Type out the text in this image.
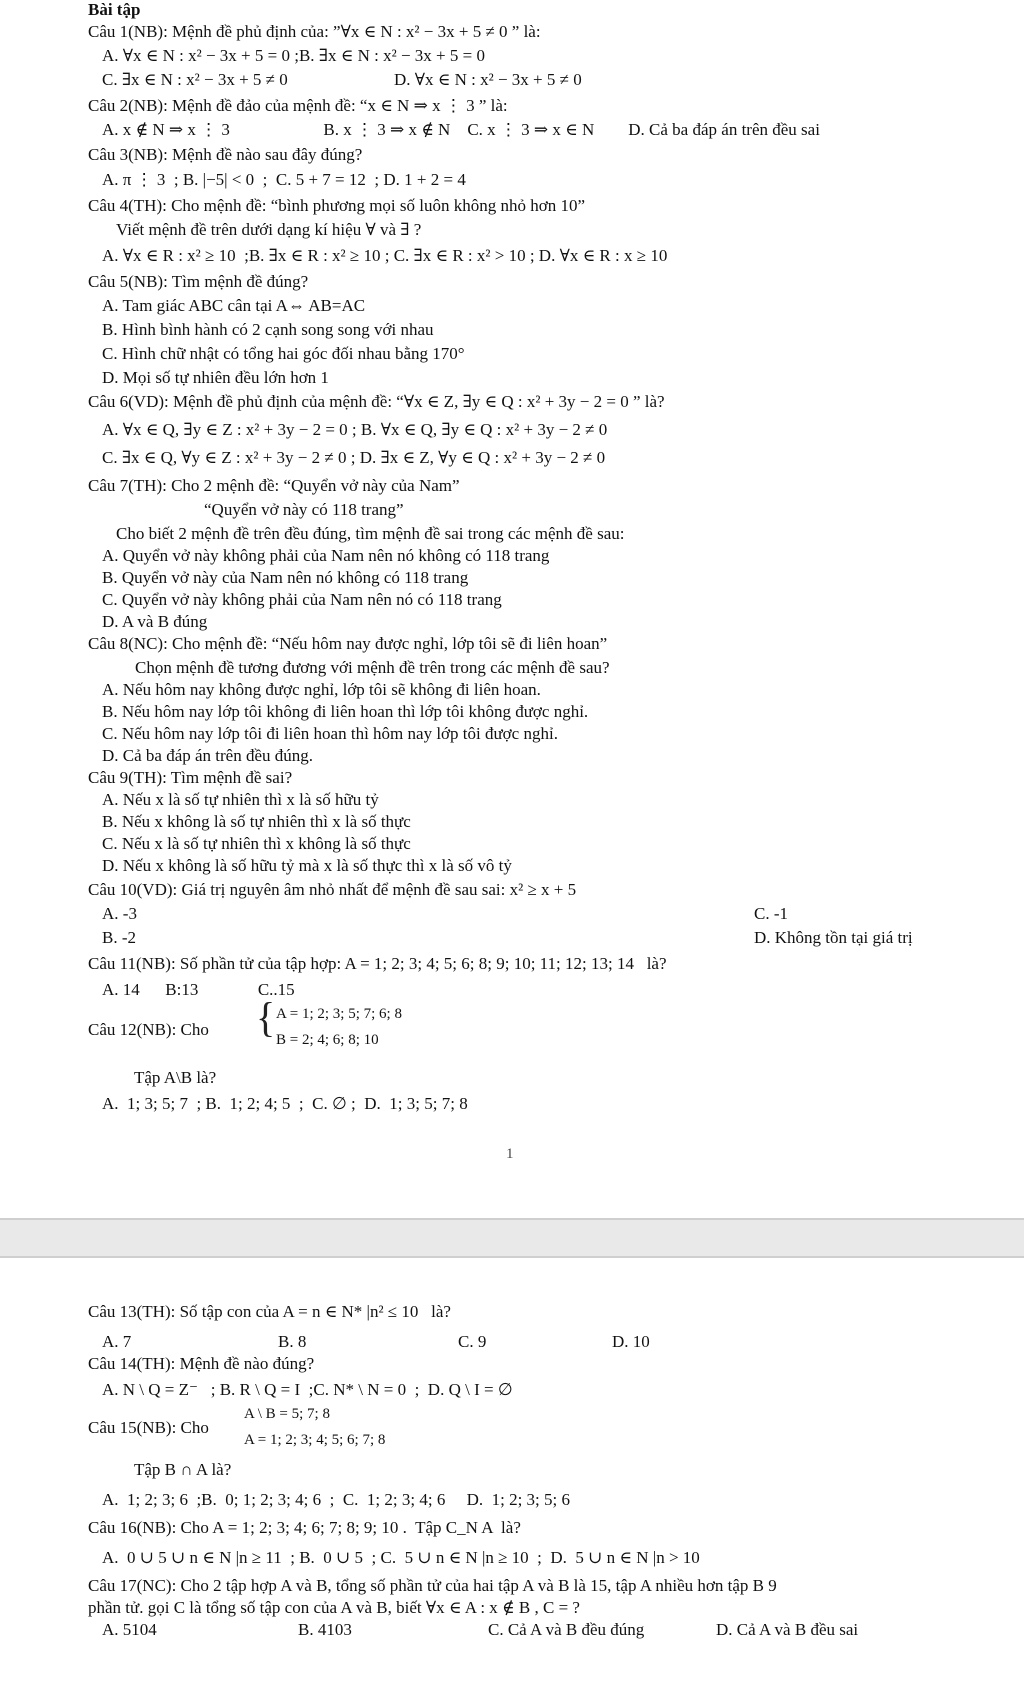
Bài tập
Câu 1(NB): Mệnh đề phủ định của: ”∀x ∈ N : x² − 3x + 5 ≠ 0 ” là:
A. ∀x ∈ N : x² − 3x + 5 = 0 ;B. ∃x ∈ N : x² − 3x + 5 = 0
C. ∃x ∈ N : x² − 3x + 5 ≠ 0                         D. ∀x ∈ N : x² − 3x + 5 ≠ 0
Câu 2(NB): Mệnh đề đảo của mệnh đề: “x ∈ N ⇒ x ⋮ 3 ” là:
A. x ∉ N ⇒ x ⋮ 3                      B. x ⋮ 3 ⇒ x ∉ N    C. x ⋮ 3 ⇒ x ∈ N        D. Cả ba đáp án trên đều sai
Câu 3(NB): Mệnh đề nào sau đây đúng?
A. π ⋮ 3  ; B. |−5| < 0  ;  C. 5 + 7 = 12  ; D. 1 + 2 = 4
Câu 4(TH): Cho mệnh đề: “bình phương mọi số luôn không nhỏ hơn 10”
Viết mệnh đề trên dưới dạng kí hiệu ∀ và ∃ ?
A. ∀x ∈ R : x² ≥ 10  ;B. ∃x ∈ R : x² ≥ 10 ; C. ∃x ∈ R : x² > 10 ; D. ∀x ∈ R : x ≥ 10
Câu 5(NB): Tìm mệnh đề đúng?
A. Tam giác ABC cân tại A⇔ AB=AC
B. Hình bình hành có 2 cạnh song song với nhau
C. Hình chữ nhật có tổng hai góc đối nhau bằng 170°
D. Mọi số tự nhiên đều lớn hơn 1
Câu 6(VD): Mệnh đề phủ định của mệnh đề: “∀x ∈ Z, ∃y ∈ Q : x² + 3y − 2 = 0 ” là?
A. ∀x ∈ Q, ∃y ∈ Z : x² + 3y − 2 = 0 ; B. ∀x ∈ Q, ∃y ∈ Q : x² + 3y − 2 ≠ 0
C. ∃x ∈ Q, ∀y ∈ Z : x² + 3y − 2 ≠ 0 ; D. ∃x ∈ Z, ∀y ∈ Q : x² + 3y − 2 ≠ 0
Câu 7(TH): Cho 2 mệnh đề: “Quyển vở này của Nam”
“Quyển vở này có 118 trang”
Cho biết 2 mệnh đề trên đều đúng, tìm mệnh đề sai trong các mệnh đề sau:
A. Quyển vở này không phải của Nam nên nó không có 118 trang
B. Quyển vở này của Nam nên nó không có 118 trang
C. Quyển vở này không phải của Nam nên nó có 118 trang
D. A và B đúng
Câu 8(NC): Cho mệnh đề: “Nếu hôm nay được nghỉ, lớp tôi sẽ đi liên hoan”
Chọn mệnh đề tương đương với mệnh đề trên trong các mệnh đề sau?
A. Nếu hôm nay không được nghỉ, lớp tôi sẽ không đi liên hoan.
B. Nếu hôm nay lớp tôi không đi liên hoan thì lớp tôi không được nghỉ.
C. Nếu hôm nay lớp tôi đi liên hoan thì hôm nay lớp tôi được nghỉ.
D. Cả ba đáp án trên đều đúng.
Câu 9(TH): Tìm mệnh đề sai?
A. Nếu x là số tự nhiên thì x là số hữu tỷ
B. Nếu x không là số tự nhiên thì x là số thực
C. Nếu x là số tự nhiên thì x không là số thực
D. Nếu x không là số hữu tỷ mà x là số thực thì x là số vô tỷ
Câu 10(VD): Giá trị nguyên âm nhỏ nhất để mệnh đề sau sai: x² ≥ x + 5
A. -3	C. -1
B. -2	D. Không tồn tại giá trị
Câu 11(NB): Số phần tử của tập hợp: A = 1; 2; 3; 4; 5; 6; 8; 9; 10; 11; 12; 13; 14   là?
A. 14      B:13              C..15
Câu 12(NB): Cho { A = 1; 2; 3; 5; 7; 6; 8
B = 2; 4; 6; 8; 10
Tập A\B là?
A.  1; 3; 5; 7  ; B.  1; 2; 4; 5  ;  C. ∅ ;  D.  1; 3; 5; 7; 8
1
Câu 13(TH): Số tập con của A = n ∈ N* |n² ≤ 10   là?
A. 7	B. 8	C. 9	D. 10
Câu 14(TH): Mệnh đề nào đúng?
A. N \ Q = Z⁻   ; B. R \ Q = I  ;C. N* \ N = 0  ;  D. Q \ I = ∅
A \ B = 5; 7; 8
Câu 15(NB): Cho
A = 1; 2; 3; 4; 5; 6; 7; 8
Tập B ∩ A là?
A.  1; 2; 3; 6  ;B.  0; 1; 2; 3; 4; 6  ;  C.  1; 2; 3; 4; 6     D.  1; 2; 3; 5; 6
Câu 16(NB): Cho A = 1; 2; 3; 4; 6; 7; 8; 9; 10 .  Tập C_N A  là?
A.  0 ∪ 5 ∪ n ∈ N |n ≥ 11  ; B.  0 ∪ 5  ; C.  5 ∪ n ∈ N |n ≥ 10  ;  D.  5 ∪ n ∈ N |n > 10
Câu 17(NC): Cho 2 tập hợp A và B, tổng số phần tử của hai tập A và B là 15, tập A nhiều hơn tập B 9
phần tử. gọi C là tổng số tập con của A và B, biết ∀x ∈ A : x ∉ B , C = ?
A. 5104	B. 4103	C. Cả A và B đều đúng	D. Cả A và B đều sai
